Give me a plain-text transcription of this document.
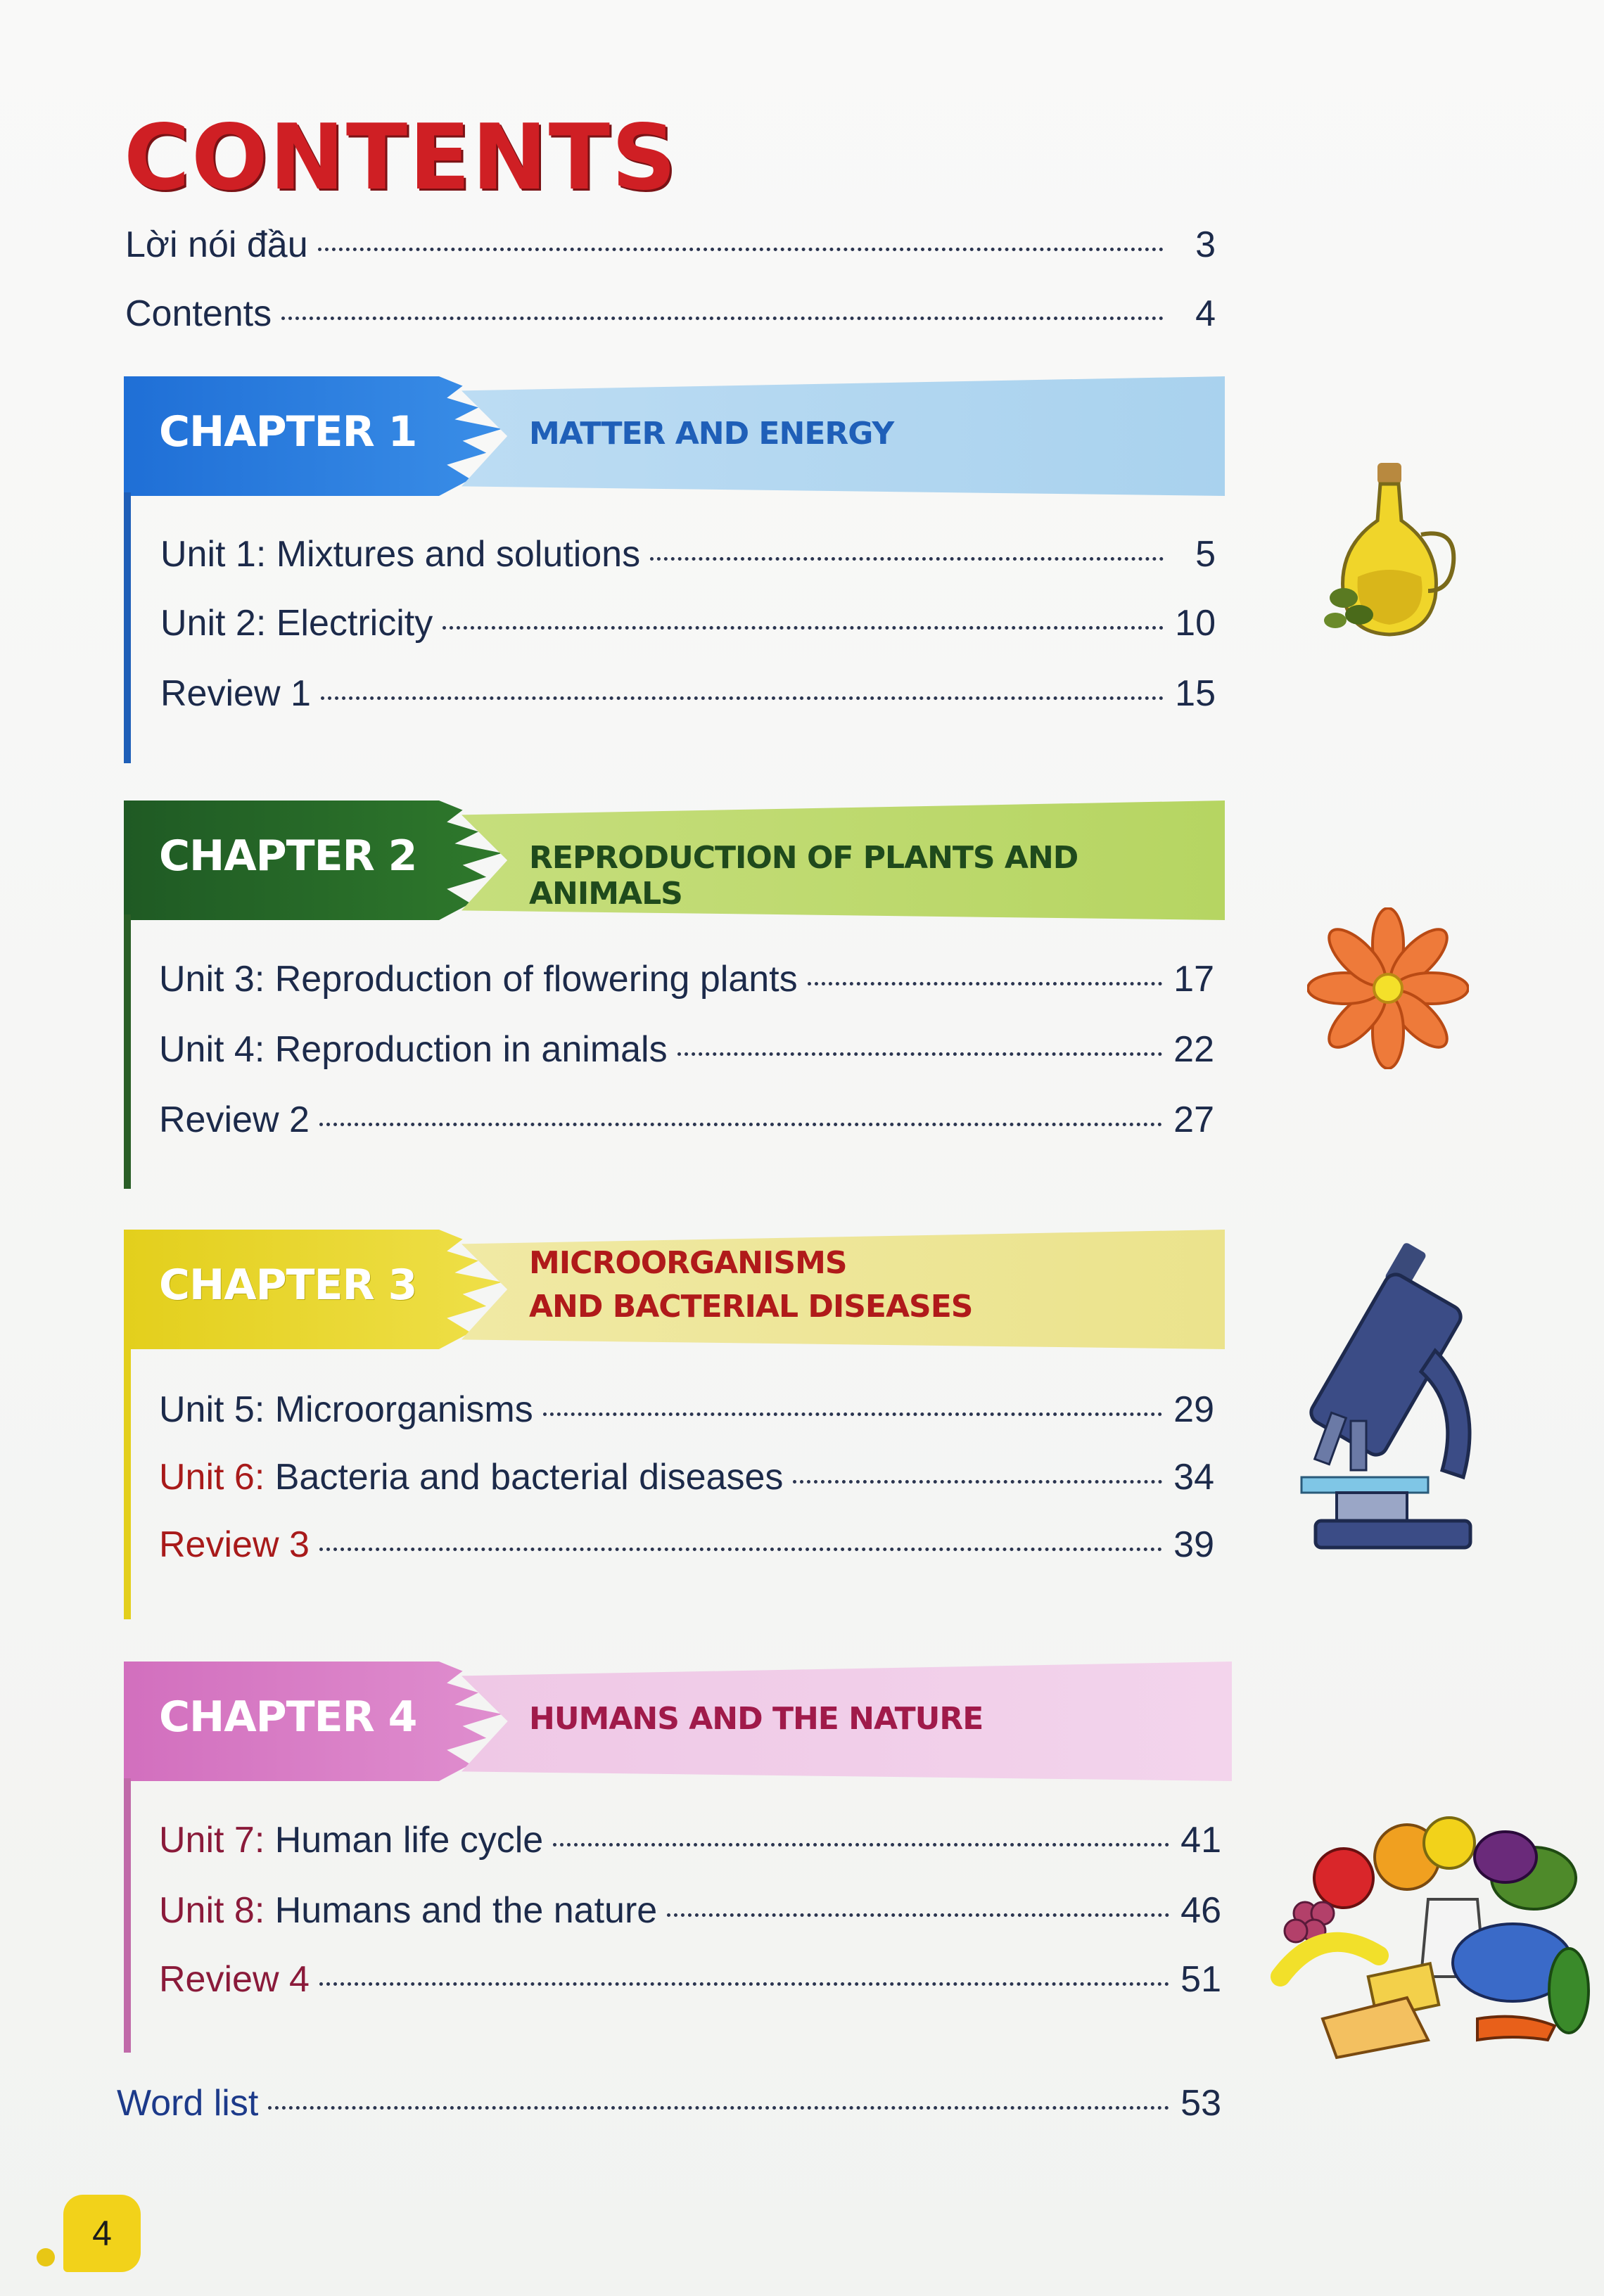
CONTENTS
Lời nói đầu	3
Contents	4
CHAPTER 1	MATTER AND ENERGY
Unit 1: Mixtures and solutions	5
Unit 2: Electricity	10
Review 1	15
CHAPTER 2	REPRODUCTION OF PLANTS AND ANIMALS
Unit 3: Reproduction of flowering plants	17
Unit 4: Reproduction in animals	22
Review 2	27
CHAPTER 3	MICROORGANISMS
AND BACTERIAL DISEASES
Unit 5: Microorganisms	29
Unit 6: Bacteria and bacterial diseases	34
Review 3	39
CHAPTER 4	HUMANS AND THE NATURE
Unit 7: Human life cycle	41
Unit 8: Humans and the nature	46
Review 4	51
Word list	53
4
